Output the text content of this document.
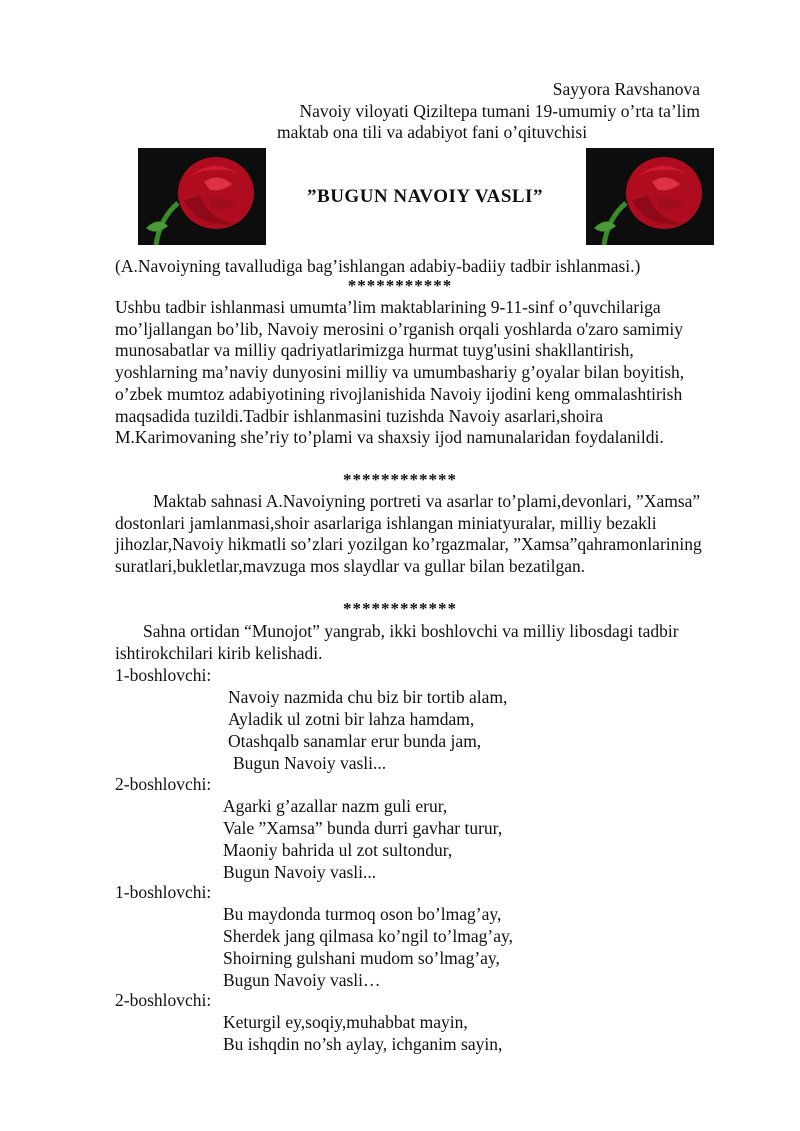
Sayyora Ravshanova
Navoiy viloyati Qiziltepa tumani 19-umumiy o’rta ta’lim
maktab ona tili va adabiyot fani o’qituvchisi
”BUGUN NAVOIY VASLI”
(A.Navoiyning tavalludiga bag’ishlangan adabiy-badiiy tadbir ishlanmasi.)
***********
Ushbu tadbir ishlanmasi umumta’lim maktablarining 9-11-sinf o’quvchilariga mo’ljallangan bo’lib, Navoiy merosini o’rganish orqali yoshlarda o'zaro samimiy munosabatlar va milliy qadriyatlarimizga hurmat tuyg'usini shakllantirish, yoshlarning ma’naviy dunyosini milliy va umumbashariy g’oyalar bilan boyitish, o’zbek mumtoz adabiyotining rivojlanishida Navoiy ijodini keng ommalashtirish maqsadida tuzildi.Tadbir ishlanmasini tuzishda Navoiy asarlari,shoira M.Karimovaning she’riy to’plami va shaxsiy ijod namunalaridan foydalanildi.
************
Maktab sahnasi A.Navoiyning portreti va asarlar to’plami,devonlari, ”Xamsa” dostonlari jamlanmasi,shoir asarlariga ishlangan miniatyuralar, milliy bezakli jihozlar,Navoiy hikmatli so’zlari yozilgan ko’rgazmalar, ”Xamsa”qahramonlarining suratlari,bukletlar,mavzuga mos slaydlar va gullar bilan bezatilgan.
************
Sahna ortidan “Munojot” yangrab, ikki boshlovchi va milliy libosdagi tadbir ishtirokchilari kirib kelishadi.
1-boshlovchi:
Navoiy nazmida chu biz bir tortib alam,
Ayladik ul zotni bir lahza hamdam,
Otashqalb sanamlar erur bunda jam,
Bugun Navoiy vasli...
2-boshlovchi:
Agarki g’azallar nazm guli erur,
Vale ”Xamsa” bunda durri gavhar turur,
Maoniy bahrida ul zot sultondur,
Bugun Navoiy vasli...
1-boshlovchi:
Bu maydonda turmoq oson bo’lmag’ay,
Sherdek jang qilmasa ko’ngil to’lmag’ay,
Shoirning gulshani mudom so’lmag’ay,
Bugun Navoiy vasli…
2-boshlovchi:
Keturgil ey,soqiy,muhabbat mayin,
Bu ishqdin no’sh aylay, ichganim sayin,
